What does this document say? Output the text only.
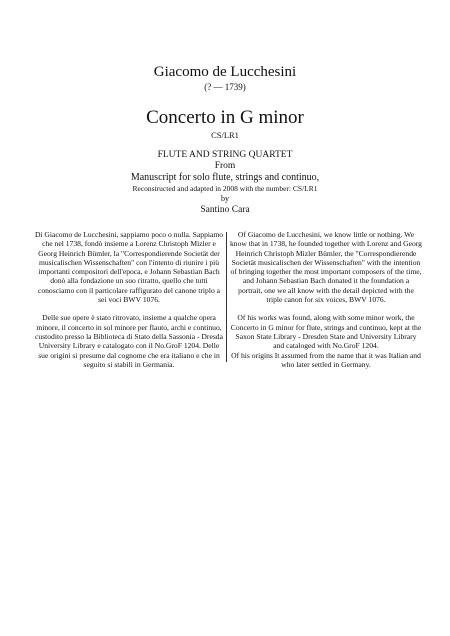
Giacomo de Lucchesini
(? — 1739)
Concerto in G minor
CS/LR1
FLUTE AND STRING QUARTET
From
Manuscript for solo flute, strings and continuo,
Reconstructed and adapted in 2008 with the number: CS/LR1
by
Santino Cara

Di Giacomo de Lucchesini, sappiamo poco o nulla. Sappiamo che nel 1738, fondò insieme a Lorenz Christoph Mizler e Georg Heinrich Bümler, la "Correspondierende Societät der musicalischen Wissenschaften" con l'intento di riunire i più importanti compositori dell'epoca, e Johann Sebastian Bach donò alla fondazione un suo ritratto, quello che tutti conosciamo con il particolare raffigurato del canone triplo a sei voci BWV 1076.

Delle sue opere è stato ritrovato, insieme a qualche opera minore, il concerto in sol minore per flauto, archi e continuo, custodito presso la Biblioteca di Stato della Sassonia - Dresda University Library e catalogato con il No.GroF 1204. Delle sue origini si presume dal cognome che era italiano e che in seguito si stabilì in Germania.

Of Giacomo de Lucchesini, we know little or nothing. We know that in 1738, he founded together with Lorenz and Georg Heinrich Christoph Mizler Bümler, the "Correspondierende Societät musicalischen der Wissenschaften" with the intention of bringing together the most important composers of the time, and Johann Sebastian Bach donated it the foundation a portrait, one we all know with the detail depicted with the triple canon for six voices, BWV 1076.

Of his works was found, along with some minor work, the Concerto in G minor for flute, strings and continuo, kept at the Saxon State Library - Dresden State and University Library and cataloged with No.GroF 1204.

Of his origins It assumed from the name that it was Italian and who later settled in Germany.
